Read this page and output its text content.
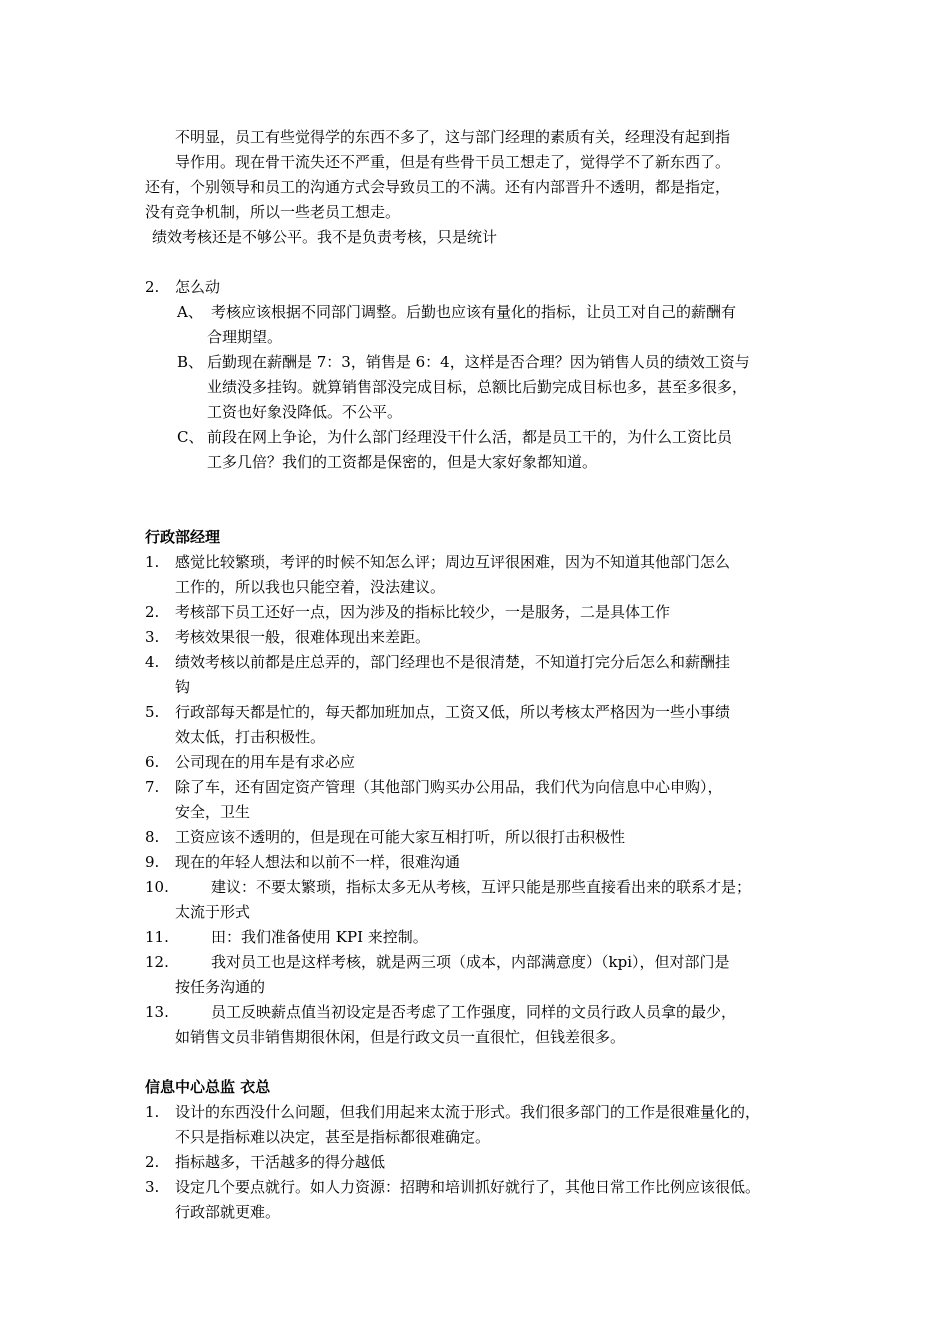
不明显，员工有些觉得学的东西不多了，这与部门经理的素质有关，经理没有起到指
导作用。现在骨干流失还不严重，但是有些骨干员工想走了，觉得学不了新东西了。
还有，个别领导和员工的沟通方式会导致员工的不满。还有内部晋升不透明，都是指定，
没有竞争机制，所以一些老员工想走。
绩效考核还是不够公平。我不是负责考核，只是统计
2. 怎么动
A、 考核应该根据不同部门调整。后勤也应该有量化的指标，让员工对自己的薪酬有
合理期望。
B、 后勤现在薪酬是 7：3，销售是 6：4，这样是否合理？因为销售人员的绩效工资与
业绩没多挂钩。就算销售部没完成目标，总额比后勤完成目标也多，甚至多很多，
工资也好象没降低。不公平。
C、 前段在网上争论，为什么部门经理没干什么活，都是员工干的，为什么工资比员
工多几倍？我们的工资都是保密的，但是大家好象都知道。
行政部经理
1. 感觉比较繁琐，考评的时候不知怎么评；周边互评很困难，因为不知道其他部门怎么
工作的，所以我也只能空着，没法建议。
2. 考核部下员工还好一点，因为涉及的指标比较少，一是服务，二是具体工作
3. 考核效果很一般，很难体现出来差距。
4. 绩效考核以前都是庄总弄的，部门经理也不是很清楚，不知道打完分后怎么和薪酬挂
钩
5. 行政部每天都是忙的，每天都加班加点，工资又低，所以考核太严格因为一些小事绩
效太低，打击积极性。
6. 公司现在的用车是有求必应
7. 除了车，还有固定资产管理（其他部门购买办公用品，我们代为向信息中心申购），
安全，卫生
8. 工资应该不透明的，但是现在可能大家互相打听，所以很打击积极性
9. 现在的年轻人想法和以前不一样，很难沟通
10.	建议：不要太繁琐，指标太多无从考核，互评只能是那些直接看出来的联系才是；
太流于形式
11.	田：我们准备使用 KPI 来控制。
12.	我对员工也是这样考核，就是两三项（成本，内部满意度）（kpi），但对部门是
按任务沟通的
13.	员工反映薪点值当初设定是否考虑了工作强度，同样的文员行政人员拿的最少，
如销售文员非销售期很休闲，但是行政文员一直很忙，但钱差很多。
信息中心总监 衣总
1. 设计的东西没什么问题，但我们用起来太流于形式。我们很多部门的工作是很难量化的，
不只是指标难以决定，甚至是指标都很难确定。
2. 指标越多，干活越多的得分越低
3. 设定几个要点就行。如人力资源：招聘和培训抓好就行了，其他日常工作比例应该很低。
行政部就更难。
